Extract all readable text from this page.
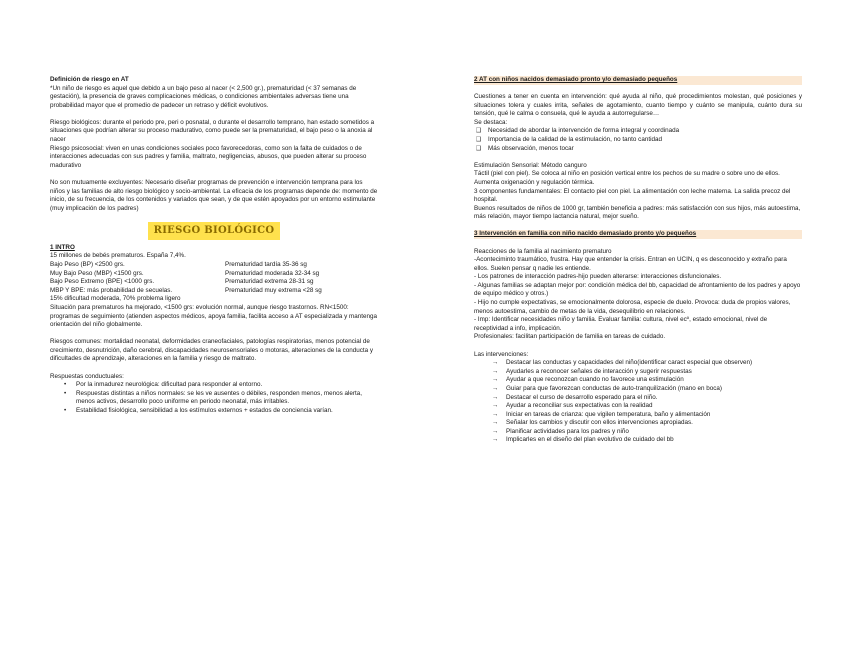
Definición de riesgo en AT

*Un niño de riesgo es aquel que debido a un bajo peso al nacer (< 2,500 gr.), prematuridad (< 37 semanas de gestación), la presencia de graves complicaciones médicas, o condiciones ambientales adversas tiene una probabilidad mayor que el promedio de padecer un retraso y déficit evolutivos.

Riesgo biológicos: durante el periodo pre, peri o posnatal, o durante el desarrollo temprano, han estado sometidos a situaciones que podrían alterar su proceso madurativo, como puede ser la prematuridad, el bajo peso o la anoxia al nacer

Riesgo psicosocial: viven en unas condiciones sociales poco favorecedoras, como son la falta de cuidados o de interacciones adecuadas con sus padres y familia, maltrato, negligencias, abusos, que pueden alterar su proceso madurativo

No son mutuamente excluyentes: Necesario diseñar programas de prevención e intervención temprana para los niños y las familias de alto riesgo biológico y socio-ambiental. La eficacia de los programas depende de: momento de inicio, de su frecuencia, de los contenidos y variados que sean, y de que estén apoyados por un entorno estimulante (muy implicación de los padres)

RIESGO BIOLÓGICO

1 INTRO

15 millones de bebés prematuros. España 7,4%.

Bajo Peso (BP) <2500 grs.	Prematuridad tardía 35-36 sg
Muy Bajo Peso (MBP) <1500 grs.	Prematuridad moderada 32-34 sg
Bajo Peso Extremo (BPE) <1000 grs.	Prematuridad extrema 28-31 sg
MBP Y BPE: más probabilidad de secuelas.	Prematuridad muy extrema <28 sg

15% dificultad moderada, 70% problema ligero

Situación para prematuros ha mejorado, <1500 grs: evolución normal, aunque riesgo trastornos. RN<1500: programas de seguimiento (atienden aspectos médicos, apoya familia, facilita acceso a AT especializada y mantenga orientación del niño globalmente.

Riesgos comunes: mortalidad neonatal, deformidades craneofaciales, patologías respiratorias, menos potencial de crecimiento, desnutrición, daño cerebral, discapacidades neurosensoriales o motoras, alteraciones de la conducta y dificultades de aprendizaje, alteraciones en la familia y riesgo de maltrato.

Respuestas conductuales:

• Por la inmadurez neurológica: dificultad para responder al entorno.
• Respuestas distintas a niños normales: se les ve ausentes o débiles, responden menos, menos alerta, menos activos, desarrollo poco uniforme en periodo neonatal, más irritables.
• Estabilidad fisiológica, sensibilidad a los estímulos externos + estados de conciencia varían.
2 AT con niños nacidos demasiado pronto y/o demasiado pequeños

Cuestiones a tener en cuenta en intervención: qué ayuda al niño, qué procedimientos molestan, qué posiciones y situaciones tolera y cuales irrita, señales de agotamiento, cuanto tiempo y cuánto se manipula, cuánto dura su tensión, qué le calma o consuela, qué le ayuda a autorregularse…

Se destaca:

❑ Necesidad de abordar la intervención de forma integral y coordinada
❑ Importancia de la calidad de la estimulación, no tanto cantidad
❑ Más observación, menos tocar

Estimulación Sensorial: Método canguro

Táctil (piel con piel). Se coloca al niño en posición vertical entre los pechos de su madre o sobre uno de ellos. Aumenta oxigenación y regulación térmica.

3 componentes fundamentales: El contacto piel con piel. La alimentación con leche materna. La salida precoz del hospital.

Buenos resultados de niños de 1000 gr, también beneficia a padres: más satisfacción con sus hijos, más autoestima, más relación, mayor tiempo lactancia natural, mejor sueño.

3 Intervención en familia con niño nacido demasiado pronto y/o pequeños

Reacciones de la familia al nacimiento prematuro

-Aconteciminto traumático, frustra. Hay que entender la crisis. Entran en UCIN, q es desconocido y extraño para ellos. Suelen pensar q nadie les entiende.

- Los patrones de interacción padres-hijo pueden alterarse: interacciones disfuncionales.

- Algunas familias se adaptan mejor por: condición médica del bb, capacidad de afrontamiento de los padres y apoyo de equipo médico y otros.)

- Hijo no cumple expectativas, se emocionalmente dolorosa, especie de duelo. Provoca: duda de propios valores, menos autoestima, cambio de metas de la vida, desequilibrio en relaciones.

- Imp: Identificar necesidades niño y familia. Evaluar familia: cultura, nivel ecº, estado emocional, nivel de receptividad a info, implicación.

Profesionales: facilitan participación de familia en tareas de cuidado.

Las intervenciones:

→ Destacar las conductas y capacidades del niño(identificar caract especial que observen)
→ Ayudarles a reconocer señales de interacción y sugerir respuestas
→ Ayudar a que reconozcan cuando no favorece una estimulación
→ Guiar para que favorezcan conductas de auto-tranquilización (mano en boca)
→ Destacar el curso de desarrollo esperado para el niño.
→ Ayudar a reconciliar sus expectativas con la realidad
→ Iniciar en tareas de crianza: que vigilen temperatura, baño y alimentación
→ Señalar los cambios y discutir con ellos intervenciones apropiadas.
→ Planificar actividades para los padres y niño
→ Implicarles en el diseño del plan evolutivo de cuidado del bb
